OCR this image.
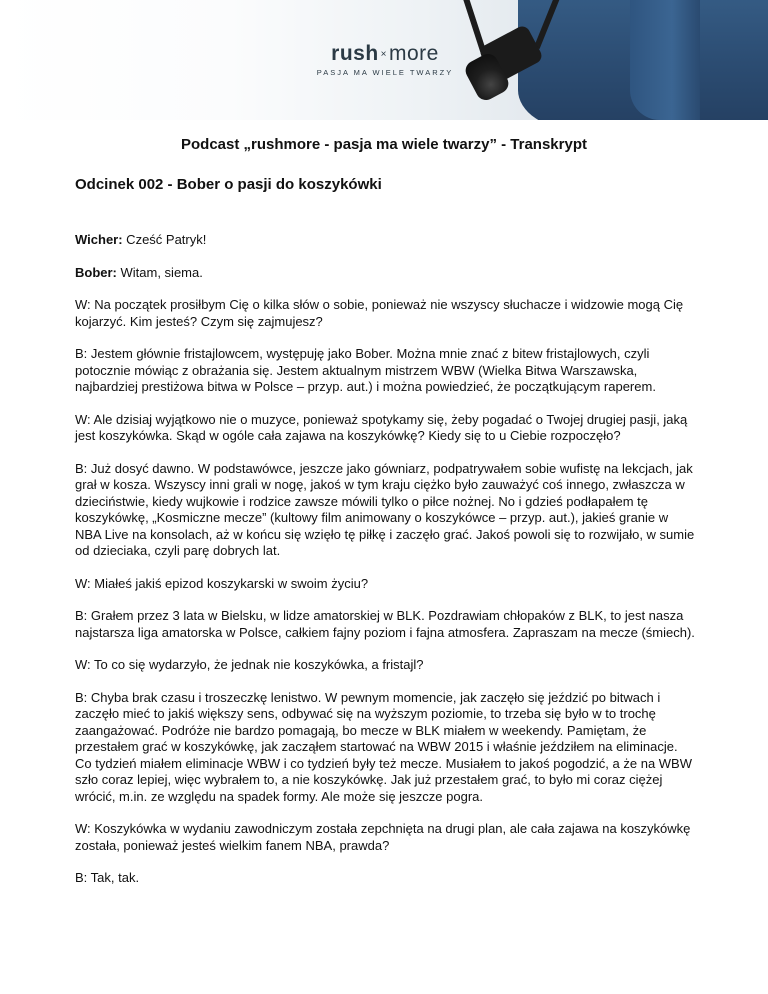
rush ×more
PASJA MA WIELE TWARZY
Podcast „rushmore - pasja ma wiele twarzy” - Transkrypt
Odcinek 002 - Bober o pasji do koszykówki

Wicher: Cześć Patryk!

Bober: Witam, siema.

W: Na początek prosiłbym Cię o kilka słów o sobie, ponieważ nie wszyscy słuchacze i widzowie mogą Cię kojarzyć. Kim jesteś? Czym się zajmujesz?

B: Jestem głównie fristajlowcem, występuję jako Bober. Można mnie znać z bitew fristajlowych, czyli potocznie mówiąc z obrażania się. Jestem aktualnym mistrzem WBW (Wielka Bitwa Warszawska, najbardziej prestiżowa bitwa w Polsce – przyp. aut.) i można powiedzieć, że początkującym raperem.

W: Ale dzisiaj wyjątkowo nie o muzyce, ponieważ spotykamy się, żeby pogadać o Twojej drugiej pasji, jaką jest koszykówka. Skąd w ogóle cała zajawa na koszykówkę? Kiedy się to u Ciebie rozpoczęło?

B: Już dosyć dawno. W podstawówce, jeszcze jako gówniarz, podpatrywałem sobie wufistę na lekcjach, jak grał w kosza. Wszyscy inni grali w nogę, jakoś w tym kraju ciężko było zauważyć coś innego, zwłaszcza w dzieciństwie, kiedy wujkowie i rodzice zawsze mówili tylko o piłce nożnej. No i gdzieś podłapałem tę koszykówkę, „Kosmiczne mecze” (kultowy film animowany o koszykówce – przyp. aut.), jakieś granie w NBA Live na konsolach, aż w końcu się wzięło tę piłkę i zaczęło grać. Jakoś powoli się to rozwijało, w sumie od dzieciaka, czyli parę dobrych lat.

W: Miałeś jakiś epizod koszykarski w swoim życiu?

B: Grałem przez 3 lata w Bielsku, w lidze amatorskiej w BLK. Pozdrawiam chłopaków z BLK, to jest nasza najstarsza liga amatorska w Polsce, całkiem fajny poziom i fajna atmosfera. Zapraszam na mecze (śmiech).

W: To co się wydarzyło, że jednak nie koszykówka, a fristajl?

B: Chyba brak czasu i troszeczkę lenistwo. W pewnym momencie, jak zaczęło się jeździć po bitwach i zaczęło mieć to jakiś większy sens, odbywać się na wyższym poziomie, to trzeba się było w to trochę zaangażować. Podróże nie bardzo pomagają, bo mecze w BLK miałem w weekendy. Pamiętam, że przestałem grać w koszykówkę, jak zacząłem startować na WBW 2015 i właśnie jeździłem na eliminacje. Co tydzień miałem eliminacje WBW i co tydzień były też mecze. Musiałem to jakoś pogodzić, a że na WBW szło coraz lepiej, więc wybrałem to, a nie koszykówkę. Jak już przestałem grać, to było mi coraz ciężej wrócić, m.in. ze względu na spadek formy. Ale może się jeszcze pogra.

W: Koszykówka w wydaniu zawodniczym została zepchnięta na drugi plan, ale cała zajawa na koszykówkę została, ponieważ jesteś wielkim fanem NBA, prawda?

B: Tak, tak.
